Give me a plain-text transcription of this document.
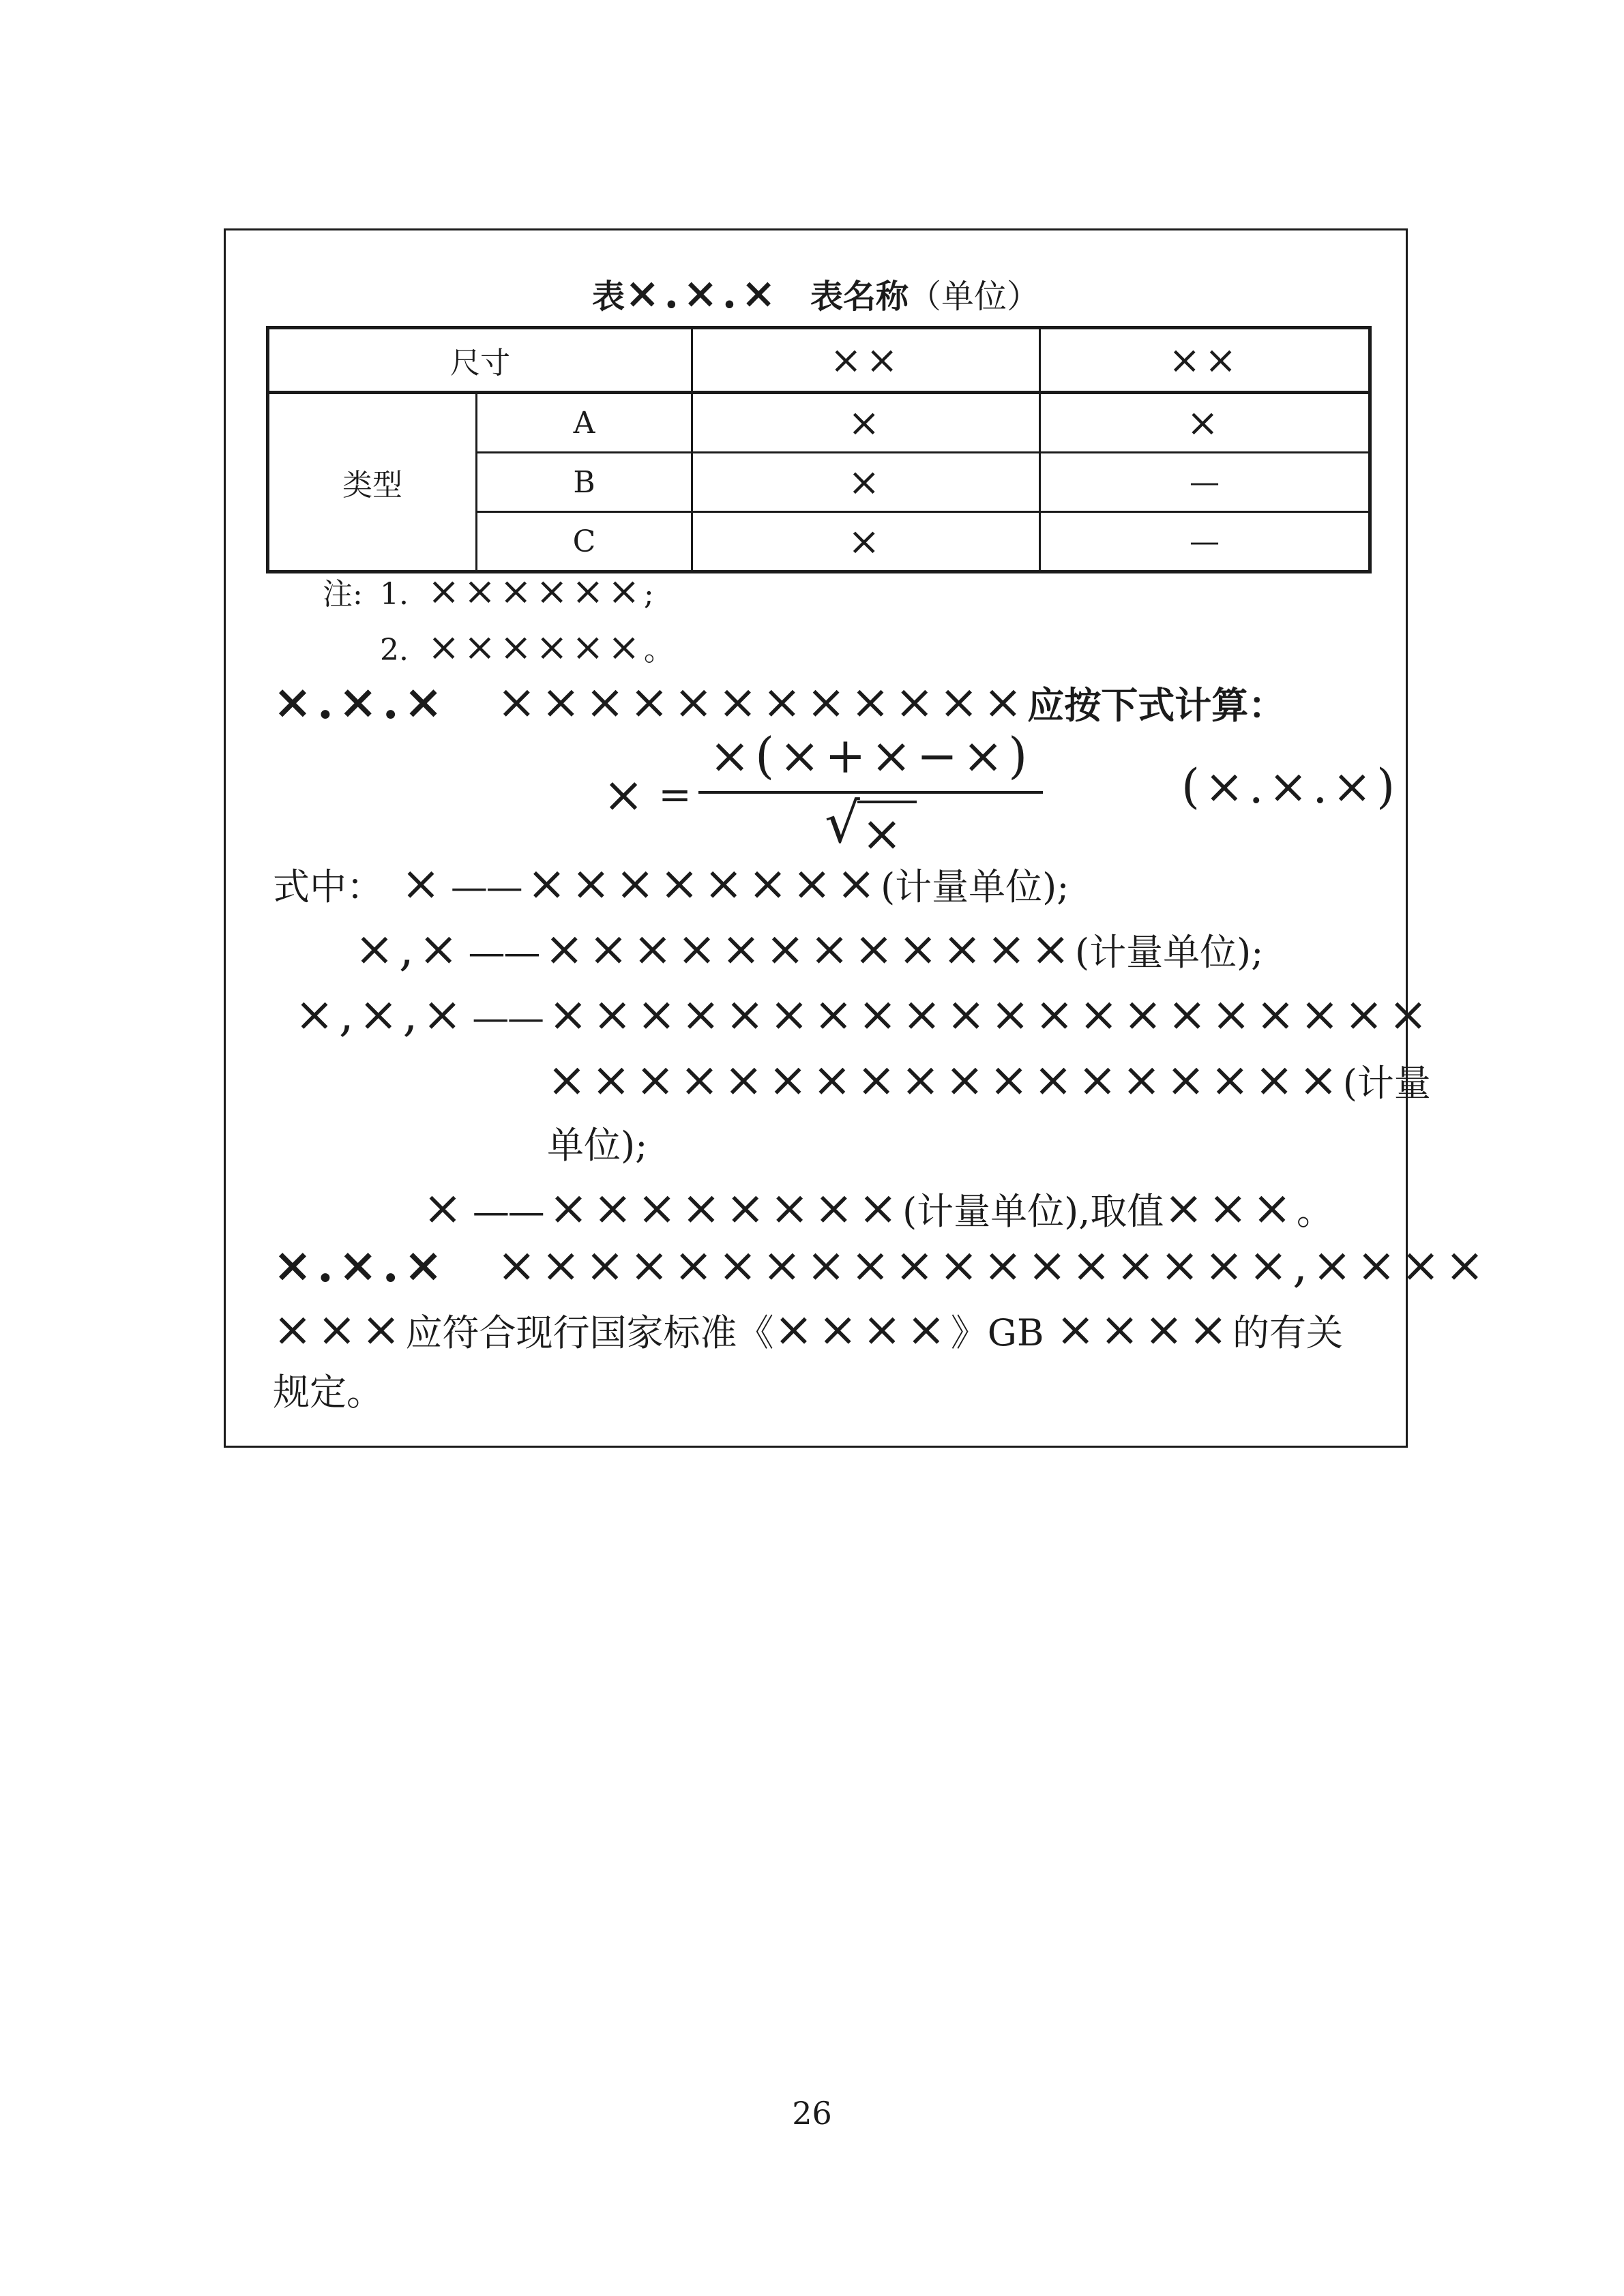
表×.×.× 表名称（单位）
尺寸		××	××
类型	A	×	×
	B	×	—
	C	×	—
注: 1. ××××××;
2. ××××××。
×.×.× ××××××××××××应按下式计算：
× = $\frac{\times(\times+\times-\times)}{√ \times}$	(×.×.×)
式中： × —— ××××××××(计量单位);
×,× —— ××××××××××××(计量单位);
×,×,× —— ××××××××××××××××××××
××××××××××××××××××(计量
单位);
× —— ××××××××(计量单位),取值×××。
×.×.× ××××××××××××××××××,××××
×××应符合现行国家标准《××××》GB ××××的有关
规定。
26
